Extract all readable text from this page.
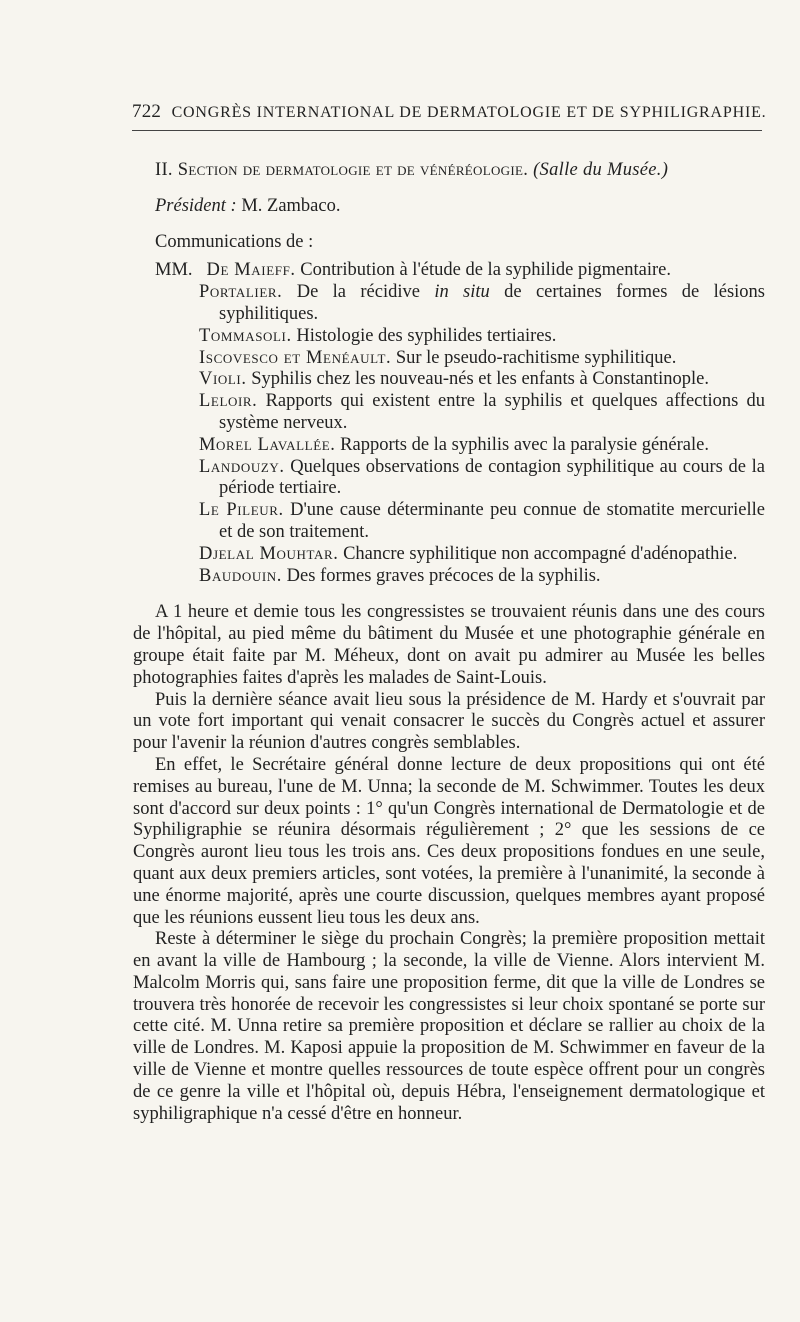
722 CONGRÈS INTERNATIONAL DE DERMATOLOGIE ET DE SYPHILIGRAPHIE.

II. Section de dermatologie et de vénéréologie. (Salle du Musée.)

Président : M. Zambaco.

Communications de :

MM. De Maieff. Contribution à l'étude de la syphilide pigmentaire.

Portalier. De la récidive in situ de certaines formes de lésions syphilitiques.

Tommasoli. Histologie des syphilides tertiaires.

Iscovesco et Menéault. Sur le pseudo-rachitisme syphilitique.

Violi. Syphilis chez les nouveau-nés et les enfants à Constantinople.

Leloir. Rapports qui existent entre la syphilis et quelques affections du système nerveux.

Morel Lavallée. Rapports de la syphilis avec la paralysie générale.

Landouzy. Quelques observations de contagion syphilitique au cours de la période tertiaire.

Le Pileur. D'une cause déterminante peu connue de stomatite mercurielle et de son traitement.

Djelal Mouhtar. Chancre syphilitique non accompagné d'adénopathie.

Baudouin. Des formes graves précoces de la syphilis.

A 1 heure et demie tous les congressistes se trouvaient réunis dans une des cours de l'hôpital, au pied même du bâtiment du Musée et une photographie générale en groupe était faite par M. Méheux, dont on avait pu admirer au Musée les belles photographies faites d'après les malades de Saint-Louis.

Puis la dernière séance avait lieu sous la présidence de M. Hardy et s'ouvrait par un vote fort important qui venait consacrer le succès du Congrès actuel et assurer pour l'avenir la réunion d'autres congrès semblables.

En effet, le Secrétaire général donne lecture de deux propositions qui ont été remises au bureau, l'une de M. Unna; la seconde de M. Schwimmer. Toutes les deux sont d'accord sur deux points : 1° qu'un Congrès international de Dermatologie et de Syphiligraphie se réunira désormais régulièrement ; 2° que les sessions de ce Congrès auront lieu tous les trois ans. Ces deux propositions fondues en une seule, quant aux deux premiers articles, sont votées, la première à l'unanimité, la seconde à une énorme majorité, après une courte discussion, quelques membres ayant proposé que les réunions eussent lieu tous les deux ans.

Reste à déterminer le siège du prochain Congrès; la première proposition mettait en avant la ville de Hambourg ; la seconde, la ville de Vienne. Alors intervient M. Malcolm Morris qui, sans faire une proposition ferme, dit que la ville de Londres se trouvera très honorée de recevoir les congressistes si leur choix spontané se porte sur cette cité. M. Unna retire sa première proposition et déclare se rallier au choix de la ville de Londres. M. Kaposi appuie la proposition de M. Schwimmer en faveur de la ville de Vienne et montre quelles ressources de toute espèce offrent pour un congrès de ce genre la ville et l'hôpital où, depuis Hébra, l'enseignement dermatologique et syphiligraphique n'a cessé d'être en honneur.
